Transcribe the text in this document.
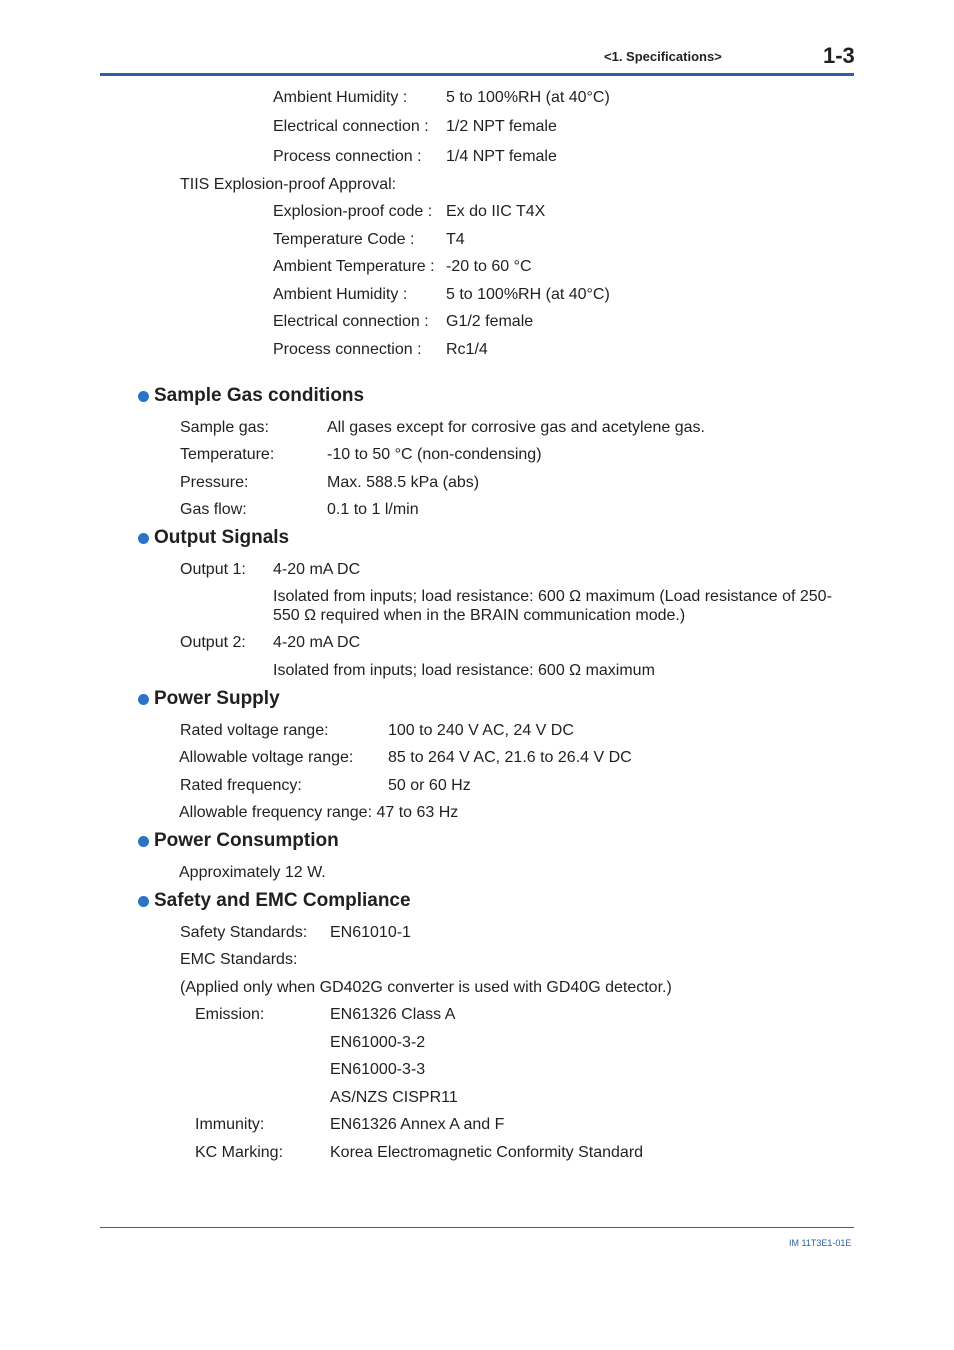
<1. Specifications>	1-3
Ambient Humidity : 5 to 100%RH (at 40°C)
Electrical connection : 1/2 NPT female
Process connection : 1/4 NPT female
TIIS Explosion-proof Approval:
Explosion-proof code : Ex do IIC T4X
Temperature Code : T4
Ambient Temperature : -20 to 60 °C
Ambient Humidity : 5 to 100%RH (at 40°C)
Electrical connection : G1/2 female
Process connection : Rc1/4
Sample Gas conditions
Sample gas:	All gases except for corrosive gas and acetylene gas.
Temperature:	-10 to 50 °C (non-condensing)
Pressure:	Max. 588.5 kPa (abs)
Gas flow:	0.1 to 1 l/min
Output Signals
Output 1: 4-20 mA DC
Isolated from inputs; load resistance: 600 Ω maximum (Load resistance of 250-
550 Ω required when in the BRAIN communication mode.)
Output 2: 4-20 mA DC
Isolated from inputs; load resistance: 600 Ω maximum
Power Supply
Rated voltage range:	100 to 240 V AC, 24 V DC
Allowable voltage range: 85 to 264 V AC, 21.6 to 26.4 V DC
Rated frequency:	50 or 60 Hz
Allowable frequency range: 47 to 63 Hz
Power Consumption
Approximately 12 W.
Safety and EMC Compliance
Safety Standards: EN61010-1
EMC Standards:
(Applied only when GD402G converter is used with GD40G detector.)
Emission:	EN61326 Class A
EN61000-3-2
EN61000-3-3
AS/NZS CISPR11
Immunity:	EN61326 Annex A and F
KC Marking:	Korea Electromagnetic Conformity Standard
IM 11T3E1-01E
